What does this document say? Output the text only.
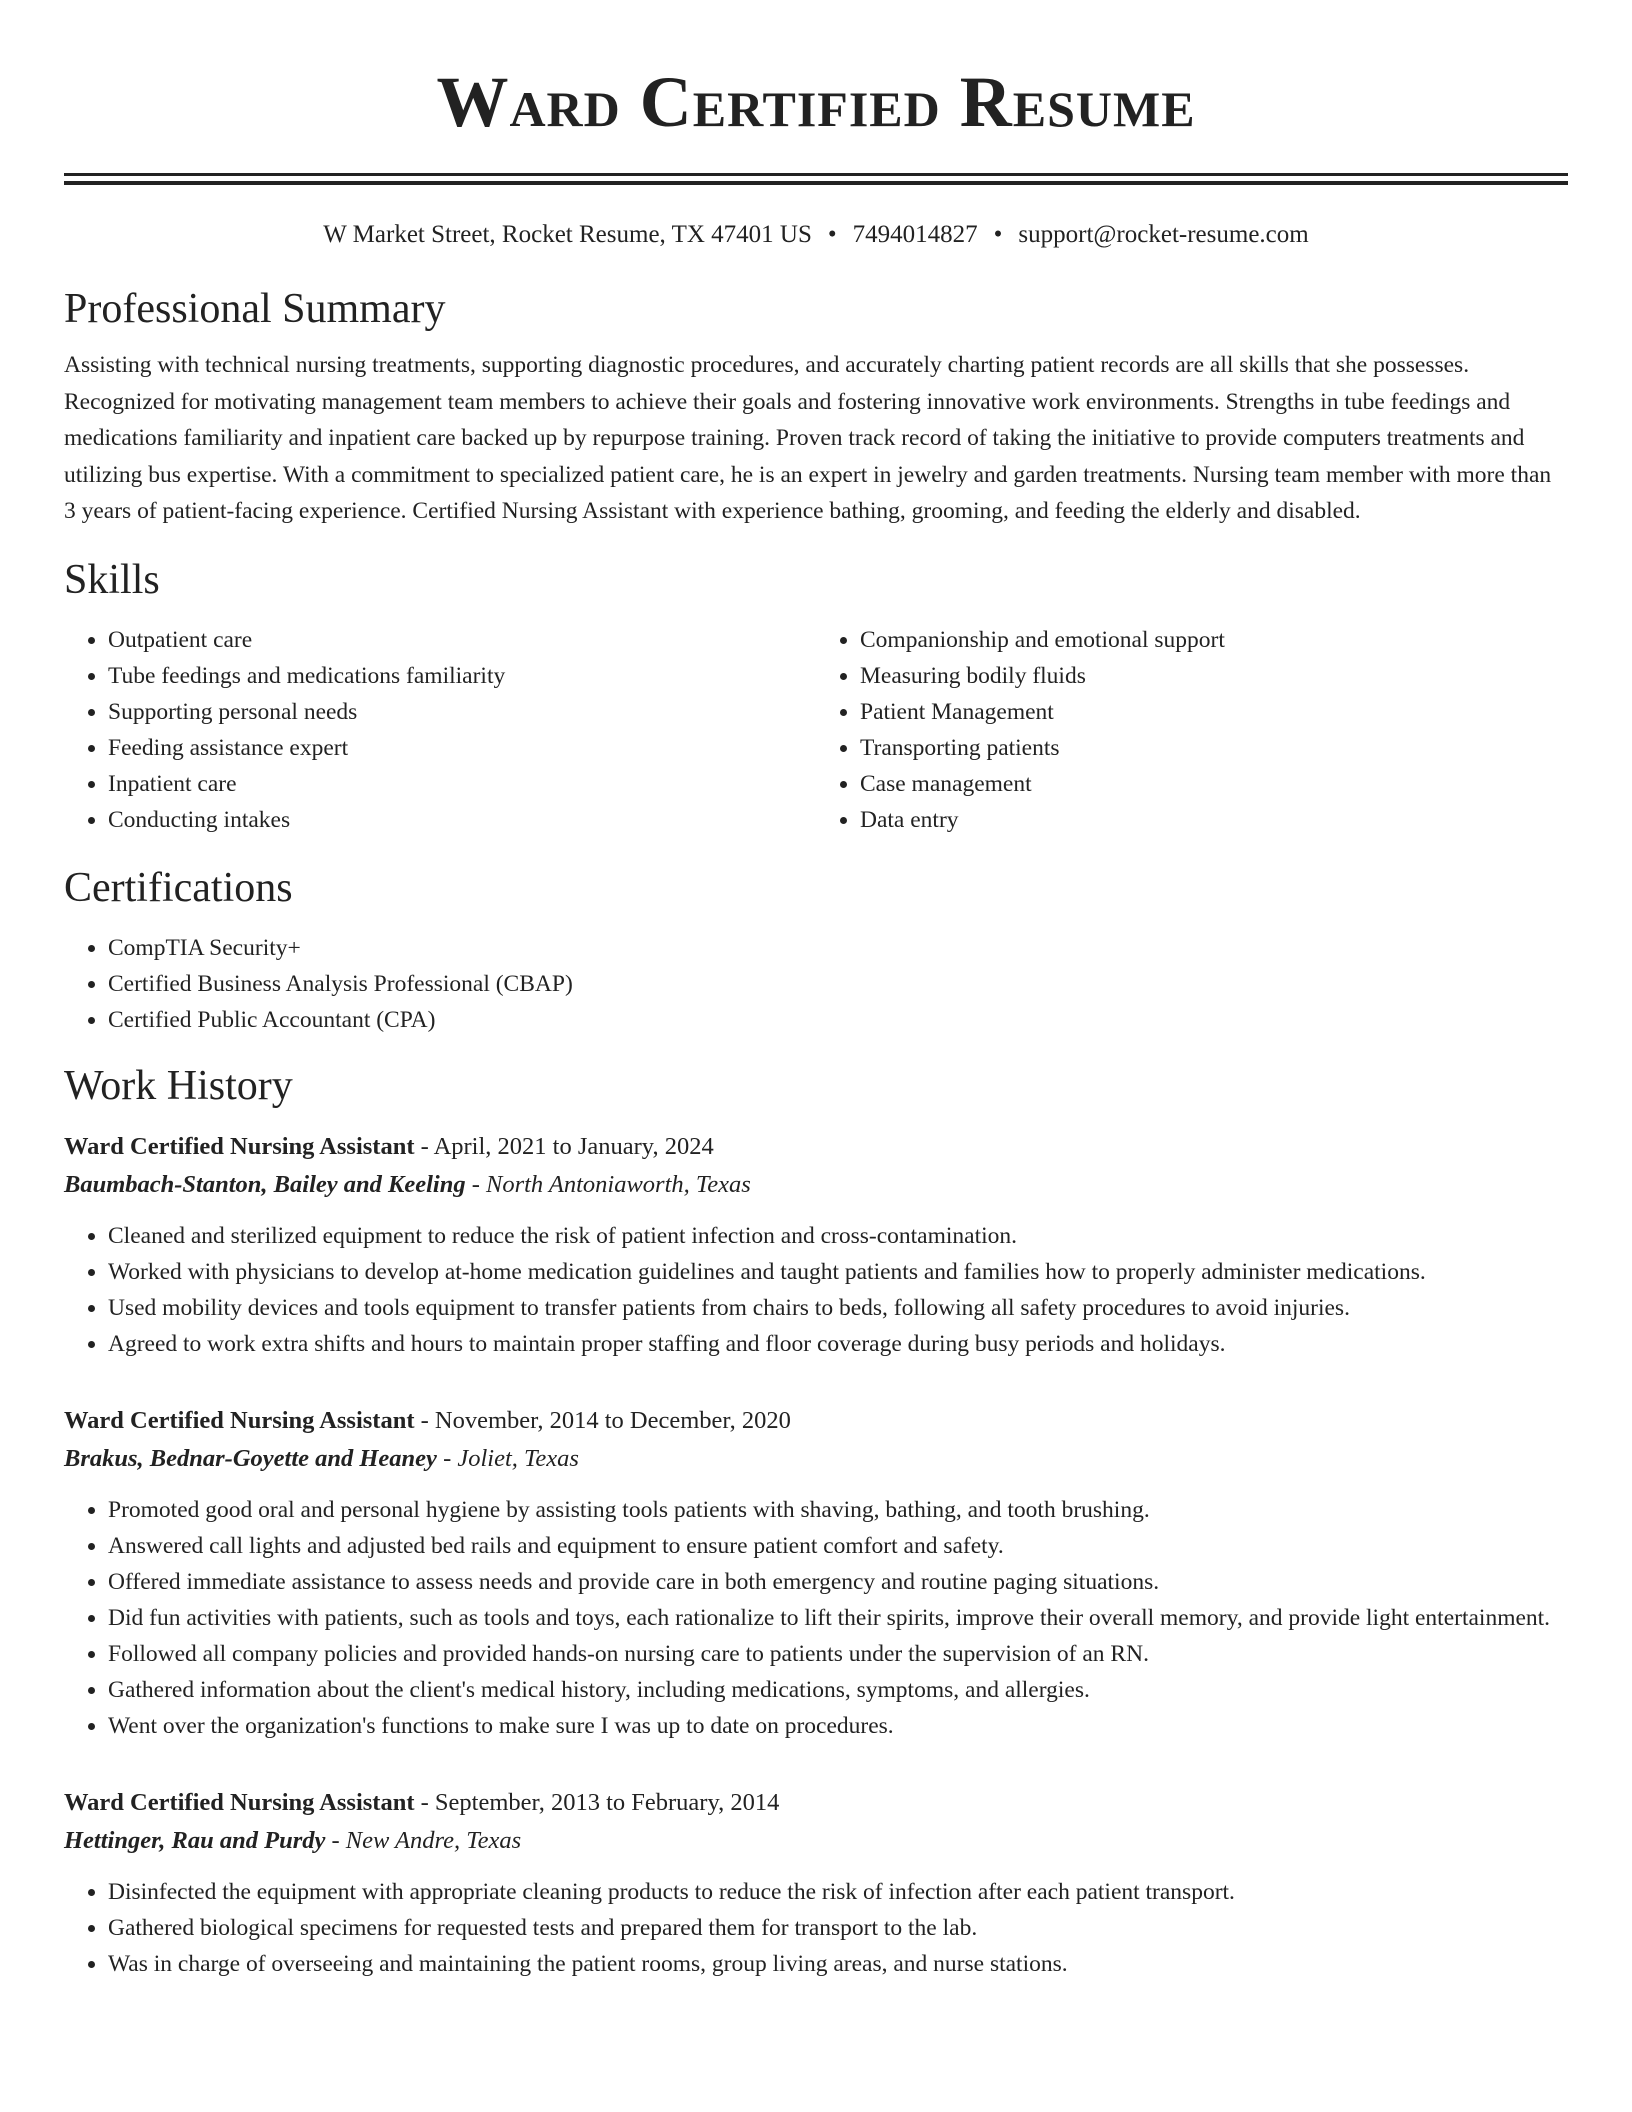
Ward Certified Resume
W Market Street, Rocket Resume, TX 47401 US • 7494014827 • support@rocket-resume.com
Professional Summary

Assisting with technical nursing treatments, supporting diagnostic procedures, and accurately charting patient records are all skills that she possesses. Recognized for motivating management team members to achieve their goals and fostering innovative work environments. Strengths in tube feedings and medications familiarity and inpatient care backed up by repurpose training. Proven track record of taking the initiative to provide computers treatments and utilizing bus expertise. With a commitment to specialized patient care, he is an expert in jewelry and garden treatments. Nursing team member with more than 3 years of patient-facing experience. Certified Nursing Assistant with experience bathing, grooming, and feeding the elderly and disabled.

Skills
• Outpatient care
• Tube feedings and medications familiarity
• Supporting personal needs
• Feeding assistance expert
• Inpatient care
• Conducting intakes
• Companionship and emotional support
• Measuring bodily fluids
• Patient Management
• Transporting patients
• Case management
• Data entry
Certifications
• CompTIA Security+
• Certified Business Analysis Professional (CBAP)
• Certified Public Accountant (CPA)
Work History
Ward Certified Nursing Assistant - April, 2021 to January, 2024
Baumbach-Stanton, Bailey and Keeling - North Antoniaworth, Texas
• Cleaned and sterilized equipment to reduce the risk of patient infection and cross-contamination.
• Worked with physicians to develop at-home medication guidelines and taught patients and families how to properly administer medications.
• Used mobility devices and tools equipment to transfer patients from chairs to beds, following all safety procedures to avoid injuries.
• Agreed to work extra shifts and hours to maintain proper staffing and floor coverage during busy periods and holidays.
Ward Certified Nursing Assistant - November, 2014 to December, 2020
Brakus, Bednar-Goyette and Heaney - Joliet, Texas
• Promoted good oral and personal hygiene by assisting tools patients with shaving, bathing, and tooth brushing.
• Answered call lights and adjusted bed rails and equipment to ensure patient comfort and safety.
• Offered immediate assistance to assess needs and provide care in both emergency and routine paging situations.
• Did fun activities with patients, such as tools and toys, each rationalize to lift their spirits, improve their overall memory, and provide light entertainment.
• Followed all company policies and provided hands-on nursing care to patients under the supervision of an RN.
• Gathered information about the client's medical history, including medications, symptoms, and allergies.
• Went over the organization's functions to make sure I was up to date on procedures.
Ward Certified Nursing Assistant - September, 2013 to February, 2014
Hettinger, Rau and Purdy - New Andre, Texas
• Disinfected the equipment with appropriate cleaning products to reduce the risk of infection after each patient transport.
• Gathered biological specimens for requested tests and prepared them for transport to the lab.
• Was in charge of overseeing and maintaining the patient rooms, group living areas, and nurse stations.
